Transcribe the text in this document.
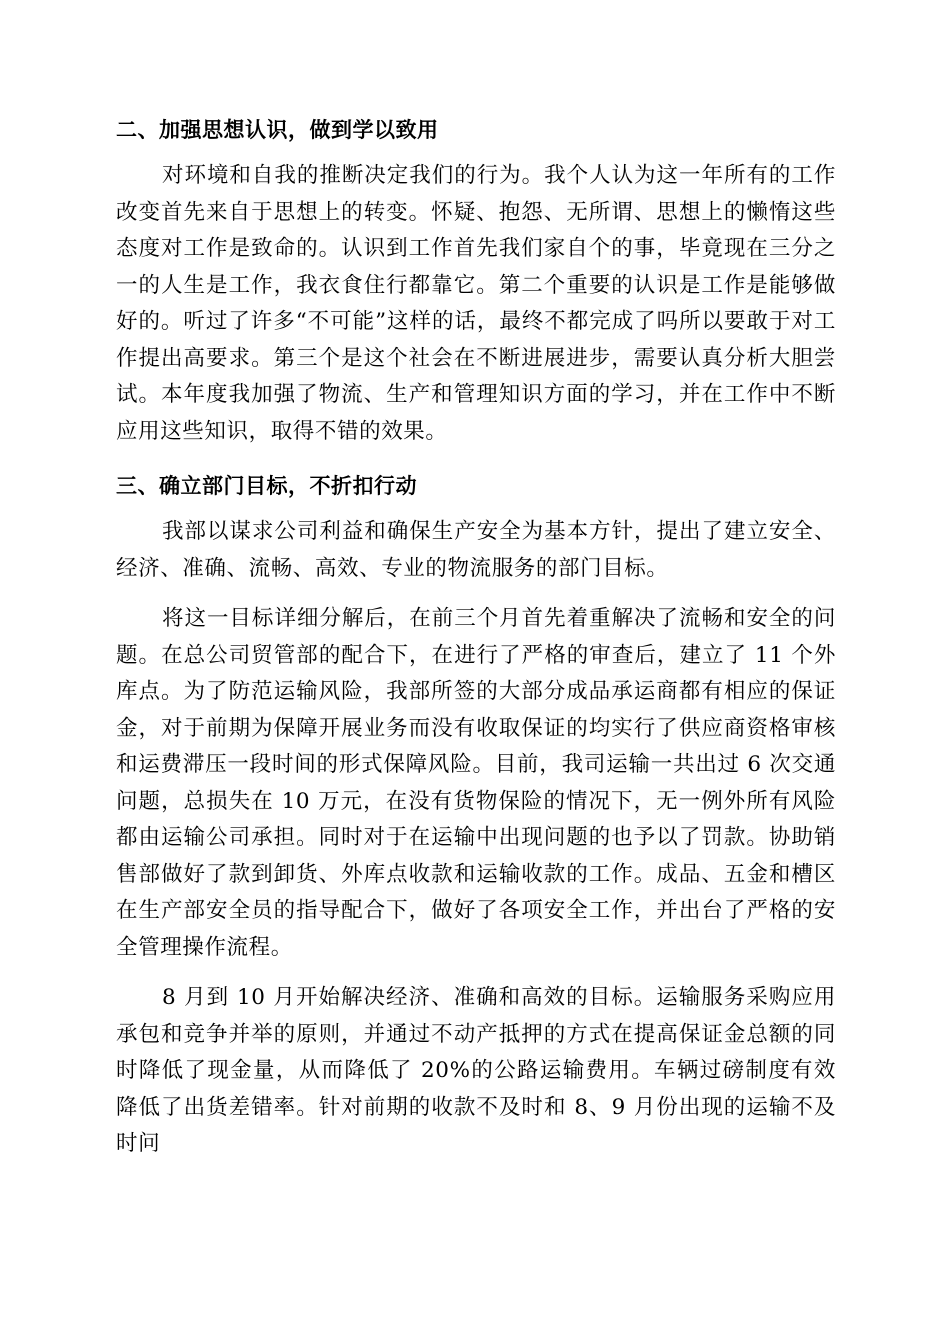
二、加强思想认识，做到学以致用

对环境和自我的推断决定我们的行为。我个人认为这一年所有的工作改变首先来自于思想上的转变。怀疑、抱怨、无所谓、思想上的懒惰这些态度对工作是致命的。认识到工作首先我们家自个的事，毕竟现在三分之一的人生是工作，我衣食住行都靠它。第二个重要的认识是工作是能够做好的。听过了许多“不可能”这样的话，最终不都完成了吗所以要敢于对工作提出高要求。第三个是这个社会在不断进展进步，需要认真分析大胆尝试。本年度我加强了物流、生产和管理知识方面的学习，并在工作中不断应用这些知识，取得不错的效果。

三、确立部门目标，不折扣行动

我部以谋求公司利益和确保生产安全为基本方针，提出了建立安全、经济、准确、流畅、高效、专业的物流服务的部门目标。

将这一目标详细分解后，在前三个月首先着重解决了流畅和安全的问题。在总公司贸管部的配合下，在进行了严格的审查后，建立了 11 个外库点。为了防范运输风险，我部所签的大部分成品承运商都有相应的保证金，对于前期为保障开展业务而没有收取保证的均实行了供应商资格审核和运费滞压一段时间的形式保障风险。目前，我司运输一共出过 6 次交通问题，总损失在 10 万元，在没有货物保险的情况下，无一例外所有风险都由运输公司承担。同时对于在运输中出现问题的也予以了罚款。协助销售部做好了款到卸货、外库点收款和运输收款的工作。成品、五金和槽区在生产部安全员的指导配合下，做好了各项安全工作，并出台了严格的安全管理操作流程。

8 月到 10 月开始解决经济、准确和高效的目标。运输服务采购应用承包和竞争并举的原则，并通过不动产抵押的方式在提高保证金总额的同时降低了现金量，从而降低了 20%的公路运输费用。车辆过磅制度有效降低了出货差错率。针对前期的收款不及时和 8、9 月份出现的运输不及时问
